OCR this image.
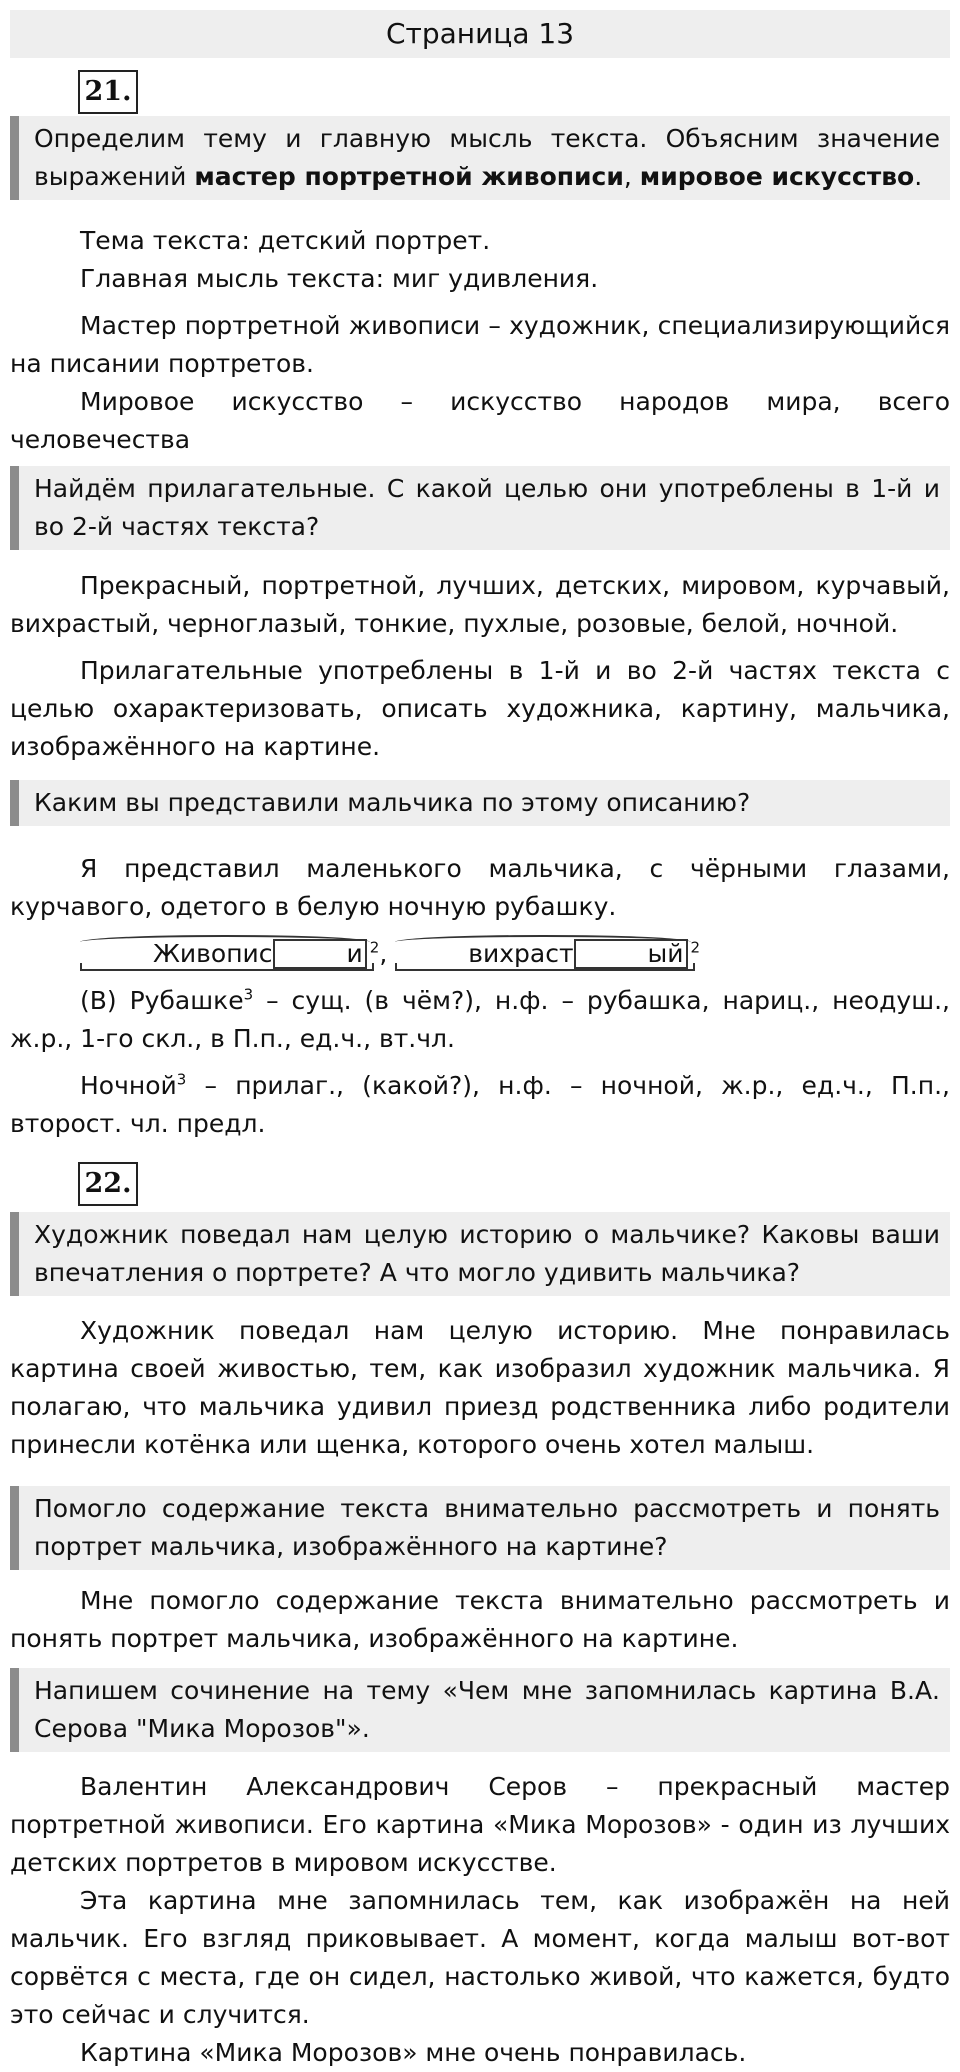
Страница 13
21.
Определим тему и главную мысль текста. Объясним значение выражений мастер портретной живописи, мировое искусство.

Тема текста: детский портрет.

Главная мысль текста: миг удивления.

Мастер портретной живописи – художник, специализирующийся на писании портретов.

Мировое искусство – искусство народов мира, всего человечества

Найдём прилагательные. С какой целью они употреблены в 1-й и во 2-й частях текста?

Прекрасный, портретной, лучших, детских, мировом, курчавый, вихрастый, черноглазый, тонкие, пухлые, розовые, белой, ночной.

Прилагательные употреблены в 1-й и во 2-й частях текста с целью охарактеризовать, описать художника, картину, мальчика, изображённого на картине.

Каким вы представили мальчика по этому описанию?

Я представил маленького мальчика, с чёрными глазами, курчавого, одетого в белую ночную рубашку.

Живопис	и $^2$,	вихраст	ый $^2$

(В) Рубашке$^3$ – сущ. (в чём?), н.ф. – рубашка, нариц., неодуш., ж.р., 1-го скл., в П.п., ед.ч., вт.чл.

Ночной$^3$ – прилаг., (какой?), н.ф. – ночной, ж.р., ед.ч., П.п., второст. чл. предл.

22.
Художник поведал нам целую историю о мальчике? Каковы ваши впечатления о портрете? А что могло удивить мальчика?

Художник поведал нам целую историю. Мне понравилась картина своей живостью, тем, как изобразил художник мальчика. Я полагаю, что мальчика удивил приезд родственника либо родители принесли котёнка или щенка, которого очень хотел малыш.

Помогло содержание текста внимательно рассмотреть и понять портрет мальчика, изображённого на картине?

Мне помогло содержание текста внимательно рассмотреть и понять портрет мальчика, изображённого на картине.

Напишем сочинение на тему «Чем мне запомнилась картина В.А. Серова "Мика Морозов"».

Валентин Александрович Серов – прекрасный мастер портретной живописи. Его картина «Мика Морозов» - один из лучших детских портретов в мировом искусстве.

Эта картина мне запомнилась тем, как изображён на ней мальчик. Его взгляд приковывает. А момент, когда малыш вот-вот сорвётся с места, где он сидел, настолько живой, что кажется, будто это сейчас и случится.

Картина «Мика Морозов» мне очень понравилась.
